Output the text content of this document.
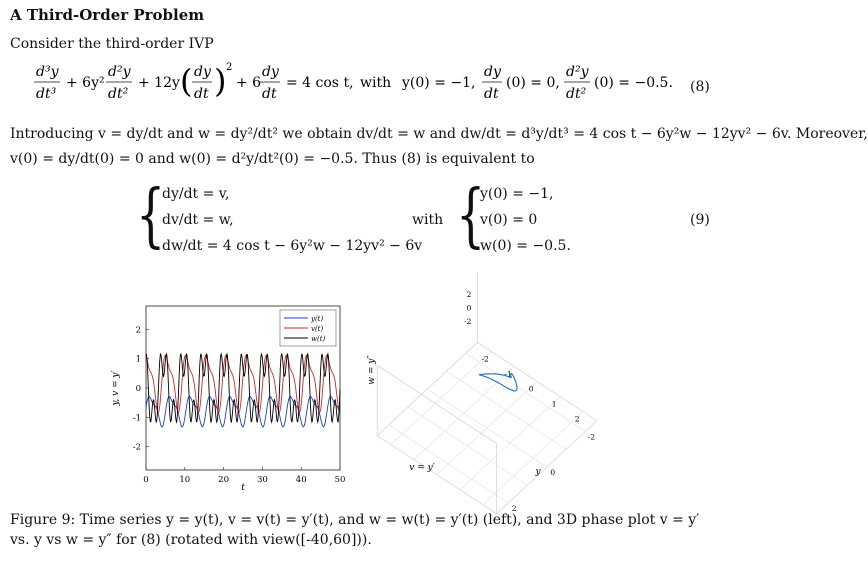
A Third-Order Problem
Consider the third-order IVP
d³y
dt³
+ 6y²
d²y
dt²
+ 12y ( dy
dt ) 2
+ 6
dy
dt
= 4 cos t, with y(0) = −1,
dy
dt
(0) = 0,
d²y
dt²
(0) = −0.5. (8)
Introducing v = dy/dt and w = dy²/dt² we obtain dv/dt = w and dw/dt = d³y/dt³ = 4 cos t − 6y²w − 12yv² − 6v. Moreover,
v(0) = dy/dt(0) = 0 and w(0) = d²y/dt²(0) = −0.5. Thus (8) is equivalent to
{
dy/dt = v,
dv/dt = w,
dw/dt = 4 cos t − 6y²w − 12yv² − 6v
with {
y(0) = −1,
v(0) = 0
w(0) = −0.5.
(9)
0	10	20	30	40	50
-2
-1
0
1
2
y(t)
v(t)
w(t)
t
y, v = y′
-2
-1
0
1
2
-2
0
2
-2
0
2
v = y′	y
w = y″
Figure 9: Time series y = y(t), v = v(t) = y′(t), and w = w(t) = y′(t) (left), and 3D phase plot v = y′
vs. y vs w = y″ for (8) (rotated with view([-40,60])).
